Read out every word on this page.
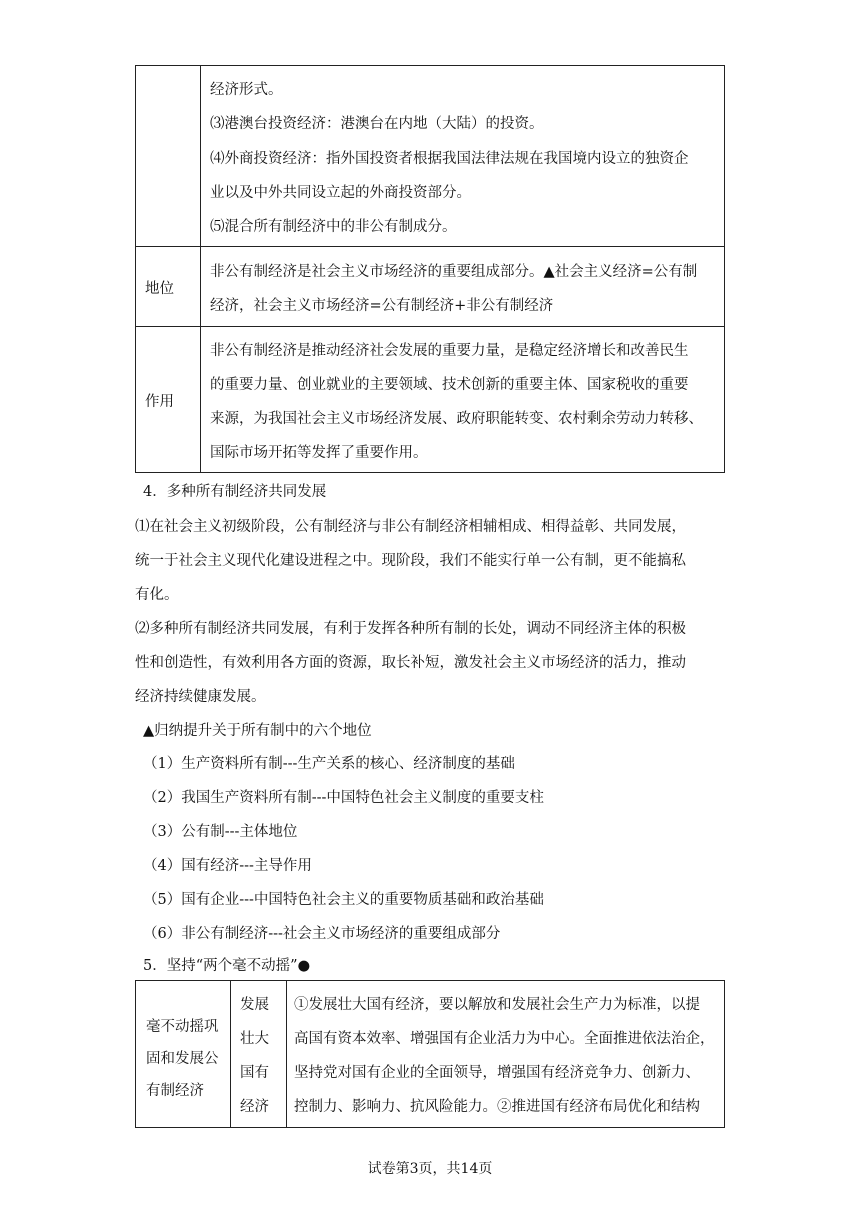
经济形式。
⑶港澳台投资经济：港澳台在内地（大陆）的投资。
⑷外商投资经济：指外国投资者根据我国法律法规在我国境内设立的独资企
业以及中外共同设立起的外商投资部分。
⑸混合所有制经济中的非公有制成分。
地位
非公有制经济是社会主义市场经济的重要组成部分。▲社会主义经济=公有制
经济，社会主义市场经济=公有制经济+非公有制经济
作用
非公有制经济是推动经济社会发展的重要力量，是稳定经济增长和改善民生
的重要力量、创业就业的主要领域、技术创新的重要主体、国家税收的重要
来源，为我国社会主义市场经济发展、政府职能转变、农村剩余劳动力转移、
国际市场开拓等发挥了重要作用。
4．多种所有制经济共同发展
⑴在社会主义初级阶段，公有制经济与非公有制经济相辅相成、相得益彰、共同发展，
统一于社会主义现代化建设进程之中。现阶段，我们不能实行单一公有制，更不能搞私
有化。
⑵多种所有制经济共同发展，有利于发挥各种所有制的长处，调动不同经济主体的积极
性和创造性，有效利用各方面的资源，取长补短，激发社会主义市场经济的活力，推动
经济持续健康发展。
▲归纳提升关于所有制中的六个地位
（1）生产资料所有制---生产关系的核心、经济制度的基础
（2）我国生产资料所有制---中国特色社会主义制度的重要支柱
（3）公有制---主体地位
（4）国有经济---主导作用
（5）国有企业---中国特色社会主义的重要物质基础和政治基础
（6）非公有制经济---社会主义市场经济的重要组成部分
5．坚持“两个毫不动摇”●
毫不动摇巩
固和发展公
有制经济
发展
壮大
国有
经济
①发展壮大国有经济，要以解放和发展社会生产力为标准，以提
高国有资本效率、增强国有企业活力为中心。全面推进依法治企，
坚持党对国有企业的全面领导，增强国有经济竞争力、创新力、
控制力、影响力、抗风险能力。②推进国有经济布局优化和结构
试卷第3页，共14页
